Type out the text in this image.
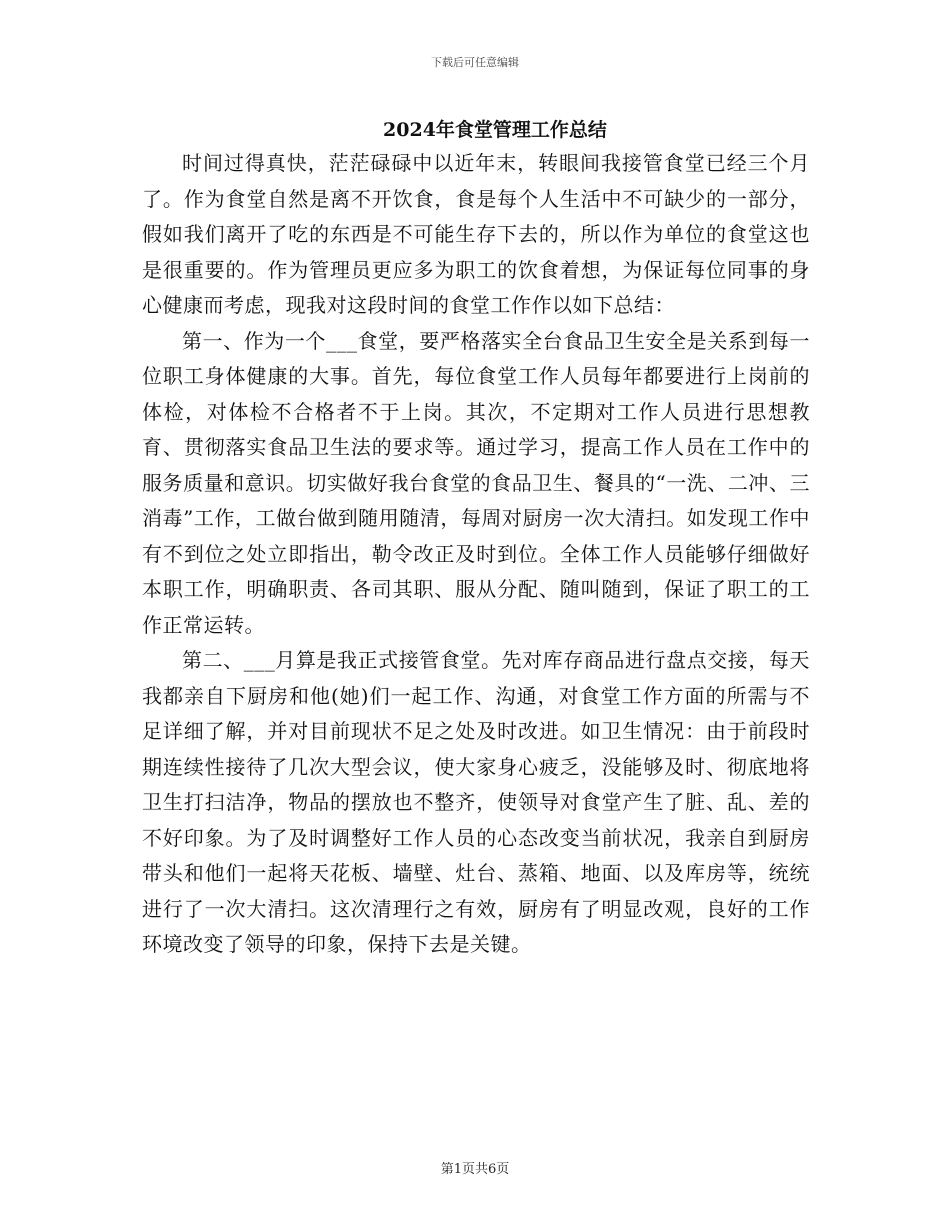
下载后可任意编辑
2024年食堂管理工作总结

时间过得真快，茫茫碌碌中以近年末，转眼间我接管食堂已经三个月了。作为食堂自然是离不开饮食，食是每个人生活中不可缺少的一部分，假如我们离开了吃的东西是不可能生存下去的，所以作为单位的食堂这也是很重要的。作为管理员更应多为职工的饮食着想，为保证每位同事的身心健康而考虑，现我对这段时间的食堂工作作以如下总结：

第一、作为一个___食堂，要严格落实全台食品卫生安全是关系到每一位职工身体健康的大事。首先，每位食堂工作人员每年都要进行上岗前的体检，对体检不合格者不于上岗。其次，不定期对工作人员进行思想教育、贯彻落实食品卫生法的要求等。通过学习，提高工作人员在工作中的服务质量和意识。切实做好我台食堂的食品卫生、餐具的“一洗、二冲、三消毒”工作，工做台做到随用随清，每周对厨房一次大清扫。如发现工作中有不到位之处立即指出，勒令改正及时到位。全体工作人员能够仔细做好本职工作，明确职责、各司其职、服从分配、随叫随到，保证了职工的工作正常运转。

第二、___月算是我正式接管食堂。先对库存商品进行盘点交接，每天我都亲自下厨房和他(她)们一起工作、沟通，对食堂工作方面的所需与不足详细了解，并对目前现状不足之处及时改进。如卫生情况：由于前段时期连续性接待了几次大型会议，使大家身心疲乏，没能够及时、彻底地将卫生打扫洁净，物品的摆放也不整齐，使领导对食堂产生了脏、乱、差的不好印象。为了及时调整好工作人员的心态改变当前状况，我亲自到厨房带头和他们一起将天花板、墙壁、灶台、蒸箱、地面、以及库房等，统统进行了一次大清扫。这次清理行之有效，厨房有了明显改观，良好的工作环境改变了领导的印象，保持下去是关键。

第1页共6页
